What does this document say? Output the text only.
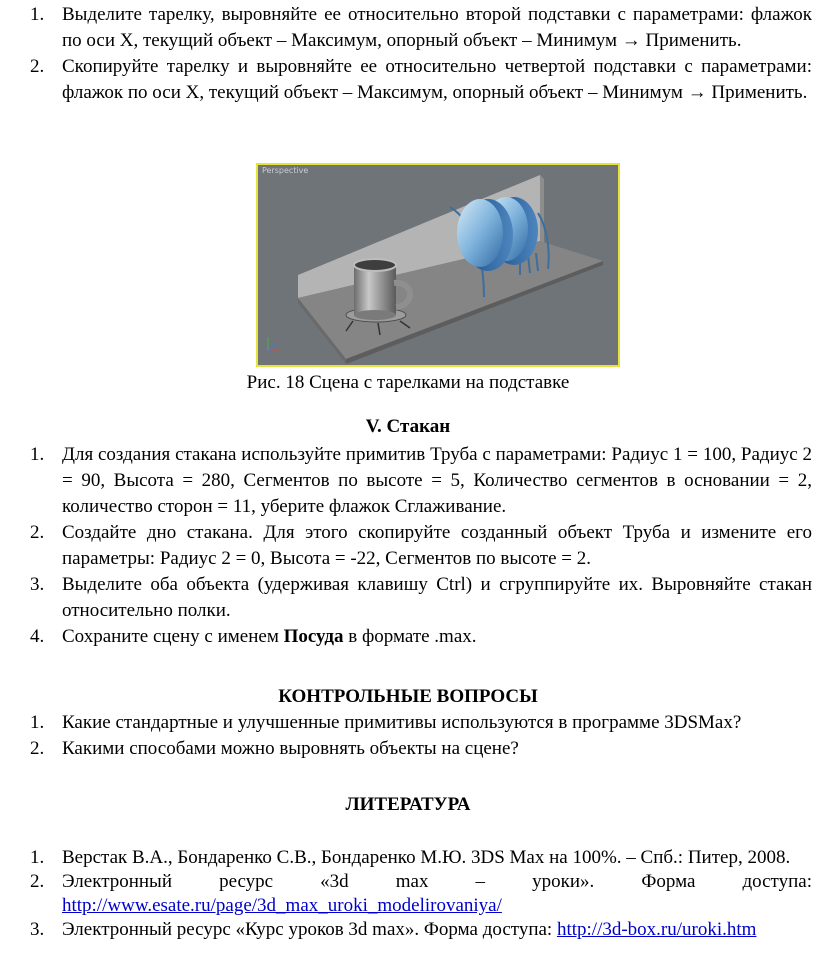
1. Выделите тарелку, выровняйте ее относительно второй подставки с параметрами: флажок по оси X, текущий объект – Максимум, опорный объект – Минимум → Применить.
2. Скопируйте тарелку и выровняйте ее относительно четвертой подставки с параметрами: флажок по оси X, текущий объект – Максимум, опорный объект – Минимум → Применить.
Perspective
Рис. 18 Сцена с тарелками на подставке
V. Стакан
1. Для создания стакана используйте примитив Труба с параметрами: Радиус 1 = 100, Радиус 2 = 90, Высота = 280, Сегментов по высоте = 5, Количество сегментов в основании = 2, количество сторон = 11, уберите флажок Сглаживание.
2. Создайте дно стакана. Для этого скопируйте созданный объект Труба и измените его параметры: Радиус 2 = 0, Высота = -22, Сегментов по высоте = 2.
3. Выделите оба объекта (удерживая клавишу Ctrl) и сгруппируйте их. Выровняйте стакан относительно полки.
4. Сохраните сцену с именем Посуда в формате .max.
КОНТРОЛЬНЫЕ ВОПРОСЫ
1. Какие стандартные и улучшенные примитивы используются в программе 3DSMax?
2. Какими способами можно выровнять объекты на сцене?
ЛИТЕРАТУРА
1. Верстак В.А., Бондаренко С.В., Бондаренко М.Ю. 3DS Max на 100%. – Спб.: Питер, 2008.
2. Электронный ресурс «3d max – уроки». Форма доступа: http://www.esate.ru/page/3d_max_uroki_modelirovaniya/
3. Электронный ресурс «Курс уроков 3d max». Форма доступа: http://3d-box.ru/uroki.htm
